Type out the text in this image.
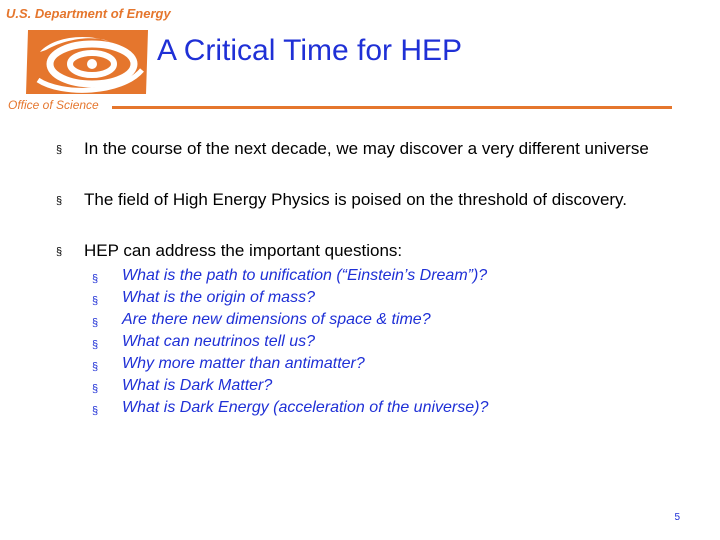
U.S. Department of Energy
A Critical Time for HEP
Office of Science
§ In the course of the next decade, we may discover a very different universe
§ The field of High Energy Physics is poised on the threshold of discovery.
§ HEP can address the important questions:
§ What is the path to unification (“Einstein’s Dream”)?
§ What is the origin of mass?
§ Are there new dimensions of space & time?
§ What can neutrinos tell us?
§ Why more matter than antimatter?
§ What is Dark Matter?
§ What is Dark Energy (acceleration of the universe)?
5
